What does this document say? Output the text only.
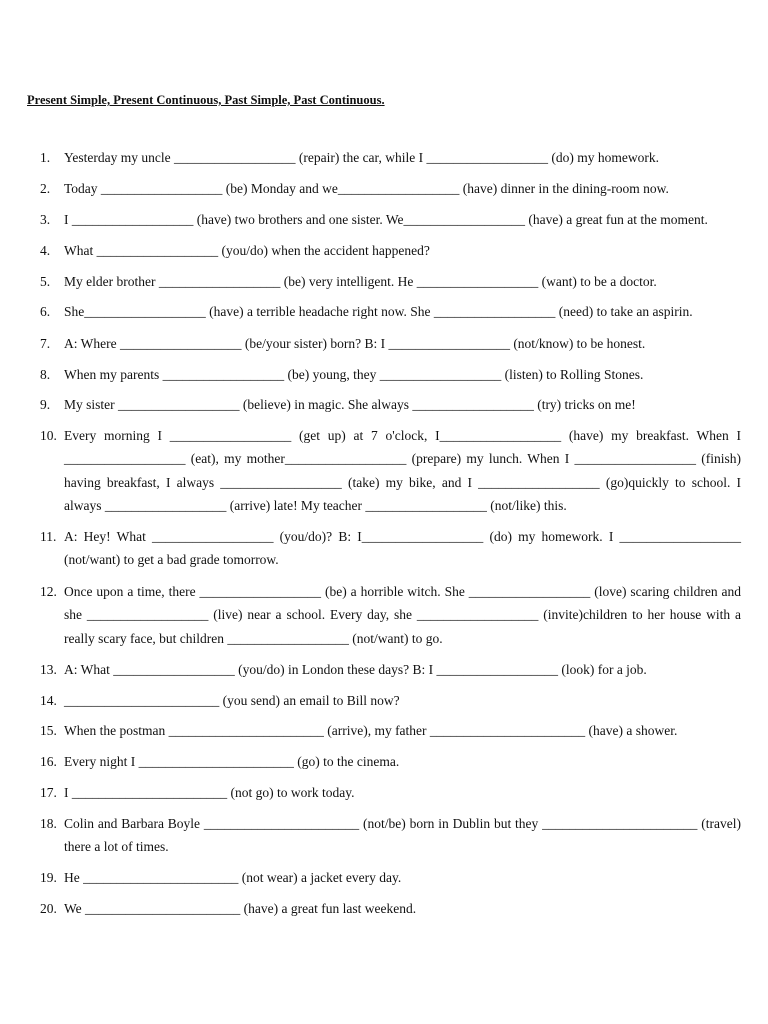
Present Simple, Present Continuous, Past Simple, Past Continuous.
1.	Yesterday my uncle __________________ (repair) the car, while I __________________ (do) my homework.
2.	Today __________________ (be) Monday and we__________________ (have) dinner in the dining-room now.
3.	I __________________ (have) two brothers and one sister. We__________________ (have) a great fun at the moment.
4.	What __________________ (you/do) when the accident happened?
5.	My elder brother __________________ (be) very intelligent. He __________________ (want) to be a doctor.
6.	She__________________ (have) a terrible headache right now. She __________________ (need) to take an aspirin.
7.	A: Where __________________ (be/your sister) born? B: I __________________ (not/know) to be honest.
8.	When my parents __________________ (be) young, they __________________ (listen) to Rolling Stones.
9.	My sister __________________ (believe) in magic. She always __________________ (try) tricks on me!
10. Every morning I __________________ (get up) at 7 o'clock, I__________________ (have) my breakfast. When I __________________ (eat), my mother__________________ (prepare) my lunch. When I __________________ (finish) having breakfast, I always __________________ (take) my bike, and I __________________ (go)quickly to school. I always __________________ (arrive) late! My teacher __________________ (not/like) this.
11. A: Hey! What __________________ (you/do)? B: I__________________ (do) my homework. I __________________ (not/want) to get a bad grade tomorrow.
12. Once upon a time, there __________________ (be) a horrible witch. She __________________ (love) scaring children and she __________________ (live) near a school. Every day, she __________________ (invite)children to her house with a really scary face, but children __________________ (not/want) to go.
13. A: What __________________ (you/do) in London these days? B: I __________________ (look) for a job.
14. _______________________ (you send) an email to Bill now?
15. When the postman _______________________ (arrive), my father _______________________ (have) a shower.
16. Every night I _______________________ (go) to the cinema.
17. I _______________________ (not go) to work today.
18. Colin and Barbara Boyle _______________________ (not/be) born in Dublin but they _______________________ (travel) there a lot of times.
19. He _______________________ (not wear) a jacket every day.
20. We _______________________ (have) a great fun last weekend.
